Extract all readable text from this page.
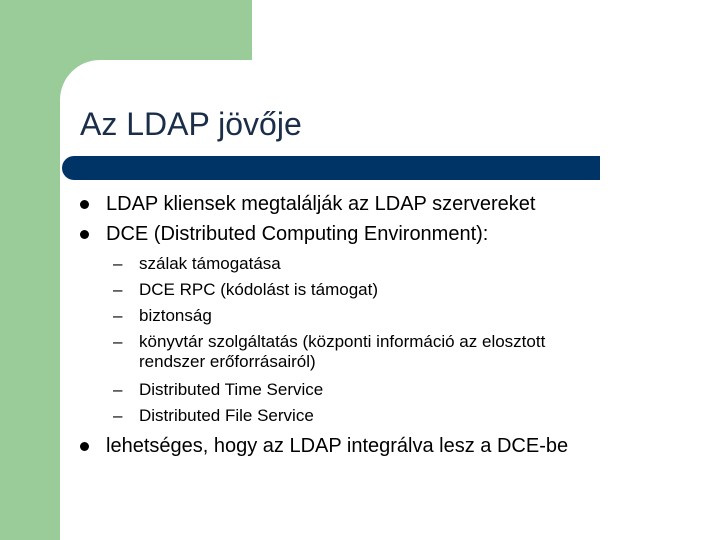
Az LDAP jövője
LDAP kliensek megtalálják az LDAP szervereket
DCE (Distributed Computing Environment):
– szálak támogatása
– DCE RPC (kódolást is támogat)
– biztonság
– könyvtár szolgáltatás (központi információ az elosztott
rendszer erőforrásairól)
– Distributed Time Service
– Distributed File Service
lehetséges, hogy az LDAP integrálva lesz a DCE-be
